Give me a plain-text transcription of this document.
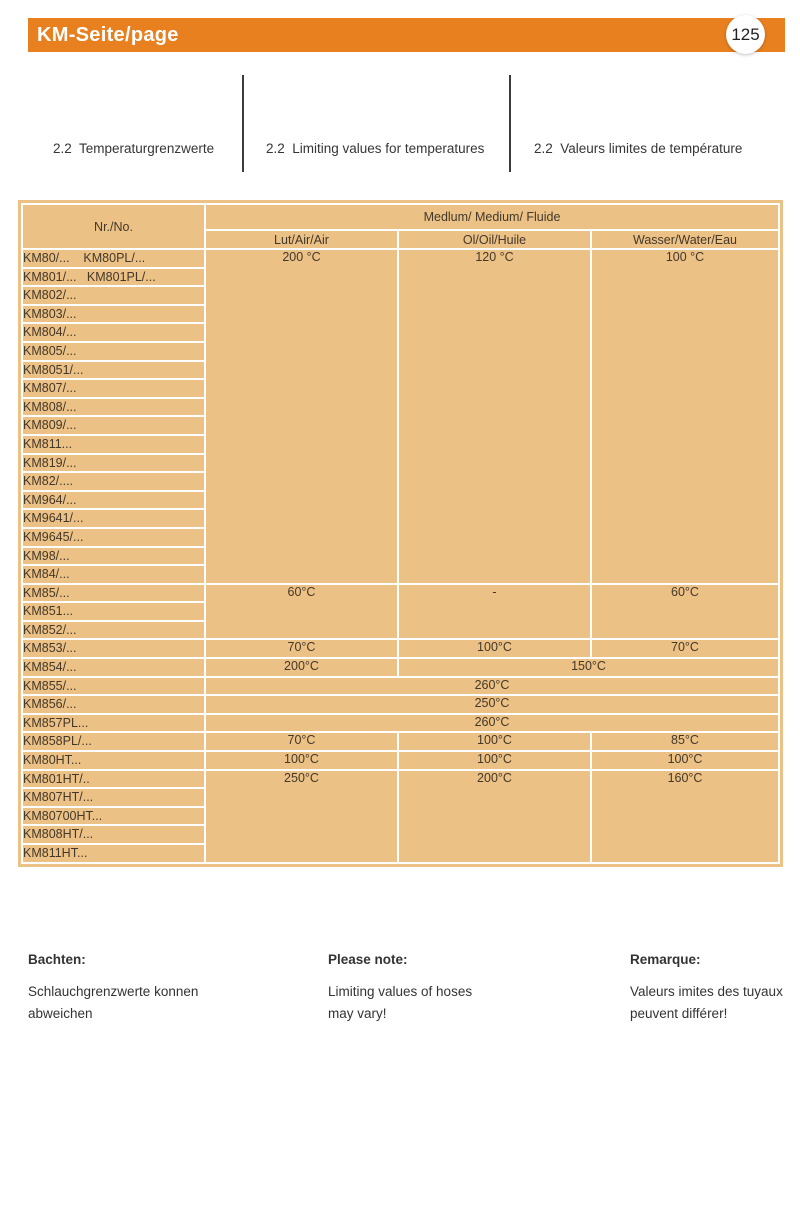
KM-Seite/page	125
2.2  Temperaturgrenzwerte	2.2  Limiting values for temperatures	2.2  Valeurs limites de température
Nr./No.	Medlum/ Medium/ Fluide		
	Lut/Air/Air	Ol/Oil/Huile	Wasser/Water/Eau
KM80/...    KM80PL/...	200 °C	120 °C	100 °C
KM801/...   KM801PL/...			
KM802/...			
KM803/...			
KM804/...			
KM805/...			
KM8051/...			
KM807/...			
KM808/...			
KM809/...			
KM811...			
KM819/...			
KM82/....			
KM964/...			
KM9641/...			
KM9645/...			
KM98/...			
KM84/...			
KM85/...	60°C	-	60°C
KM851...			
KM852/...			
KM853/...	70°C	100°C	70°C
KM854/...	200°C	150°C	
KM855/...	260°C		
KM856/...	250°C		
KM857PL...	260°C		
KM858PL/...	70°C	100°C	85°C
KM80HT...	100°C	100°C	100°C
KM801HT/..	250°C	200°C	160°C
KM807HT/...			
KM80700HT...			
KM808HT/...			
KM811HT...			
Bachten:
Schlauchgrenzwerte konnen
abweichen
Please note:
Limiting values of hoses
may vary!
Remarque:
Valeurs imites des tuyaux
peuvent différer!
